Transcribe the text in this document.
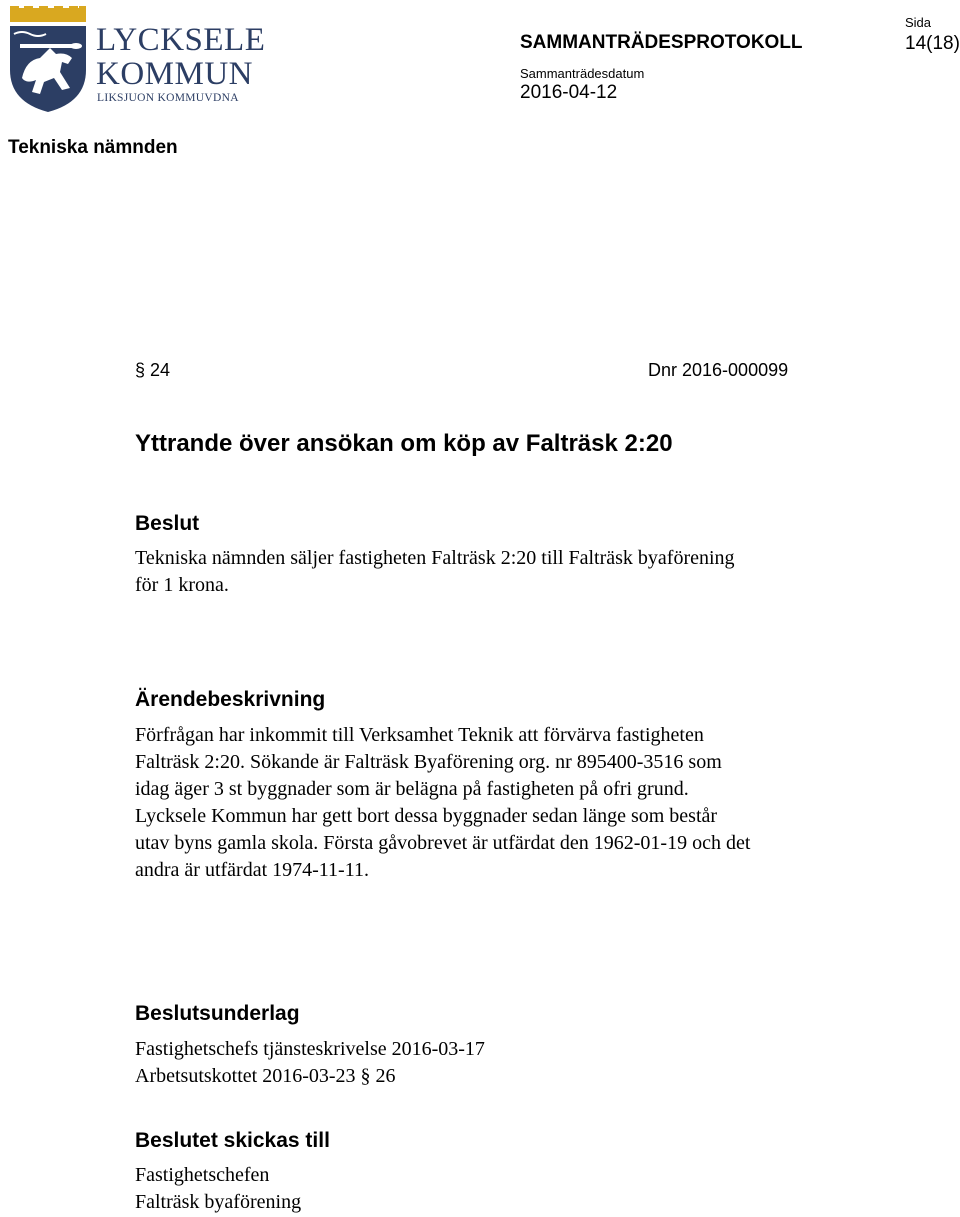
LYCKSELE
KOMMUN
LIKSJUON KOMMUVDNA
SAMMANTRÄDESPROTOKOLL
Sammanträdesdatum
2016-04-12
Sida
14(18)
Tekniska nämnden
§ 24	Dnr 2016-000099
Yttrande över ansökan om köp av Falträsk 2:20
Beslut
Tekniska nämnden säljer fastigheten Falträsk 2:20 till Falträsk byaförening
för 1 krona.
Ärendebeskrivning
Förfrågan har inkommit till Verksamhet Teknik att förvärva fastigheten
Falträsk 2:20. Sökande är Falträsk Byaförening org. nr 895400-3516 som
idag äger 3 st byggnader som är belägna på fastigheten på ofri grund.
Lycksele Kommun har gett bort dessa byggnader sedan länge som består
utav byns gamla skola. Första gåvobrevet är utfärdat den 1962-01-19 och det
andra är utfärdat 1974-11-11.
Beslutsunderlag
Fastighetschefs tjänsteskrivelse 2016-03-17
Arbetsutskottet 2016-03-23 § 26
Beslutet skickas till
Fastighetschefen
Falträsk byaförening
